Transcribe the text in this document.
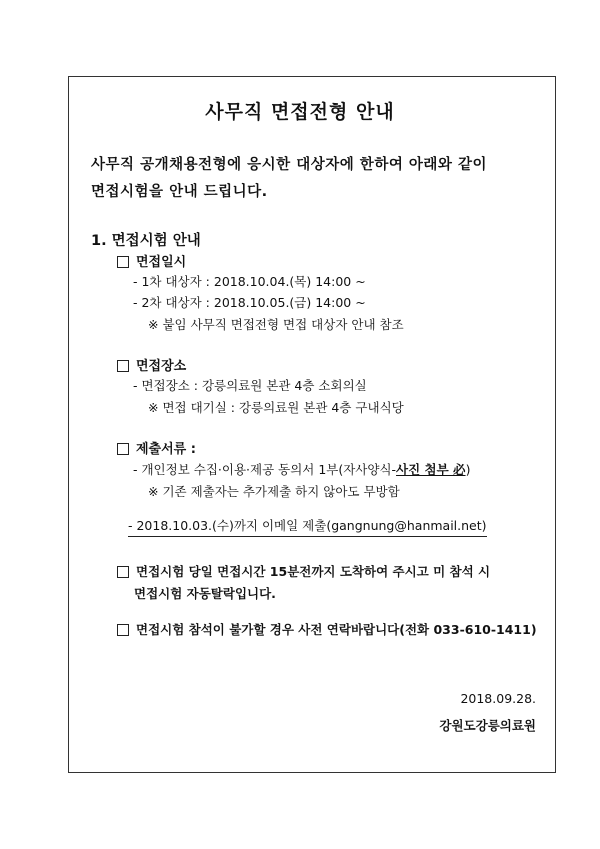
사무직 면접전형 안내
사무직 공개채용전형에 응시한 대상자에 한하여 아래와 같이
면접시험을 안내 드립니다.
1. 면접시험 안내
면접일시
- 1차 대상자 : 2018.10.04.(목) 14:00 ~
- 2차 대상자 : 2018.10.05.(금) 14:00 ~
※ 붙임 사무직 면접전형 면접 대상자 안내 참조
면접장소
- 면접장소 : 강릉의료원 본관 4층 소회의실
※ 면접 대기실 : 강릉의료원 본관 4층 구내식당
제출서류 :
- 개인정보 수집·이용·제공 동의서 1부(자사양식-사진 첨부 必)
※ 기존 제출자는 추가제출 하지 않아도 무방함
- 2018.10.03.(수)까지 이메일 제출(gangnung@hanmail.net)
면접시험 당일 면접시간 15분전까지 도착하여 주시고 미 참석 시
면접시험 자동탈락입니다.
면접시험 참석이 불가할 경우 사전 연락바랍니다(전화 033-610-1411)
2018.09.28.
강원도강릉의료원
